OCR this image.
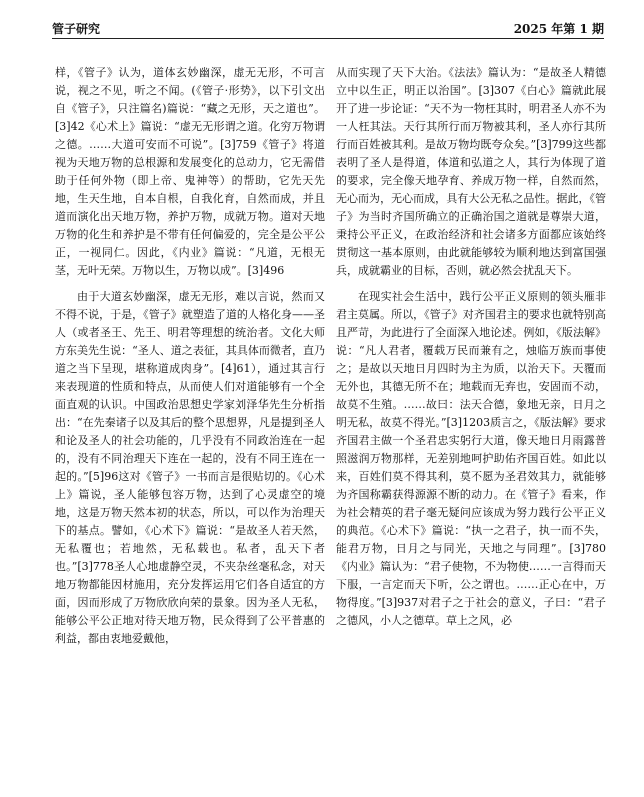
管子研究	2025 年第 1 期

样，《管子》认为，道体玄妙幽深，虚无无形，不可言说，视之不见，听之不闻。(《管子·形势》，以下引文出自《管子》，只注篇名)篇说：“藏之无形，天之道也”。[3]42《心术上》篇说：“虚无无形谓之道。化穷万物谓之德。……大道可安而不可说”。[3]759《管子》将道视为天地万物的总根源和发展变化的总动力，它无需借助于任何外物（即上帝、鬼神等）的帮助，它先天先地，生天生地，自本自根，自我化育，自然而成，并且道而演化出天地万物，养护万物，成就万物。道对天地万物的化生和养护是不带有任何偏爱的，完全是公平公正，一视同仁。因此，《内业》篇说：“凡道，无根无茎，无叶无荣。万物以生，万物以成”。[3]496

由于大道玄妙幽深，虚无无形，难以言说，然而又不得不说，于是，《管子》就塑造了道的人格化身——圣人（或者圣王、先王、明君等理想的统治者。文化大师方东美先生说：“圣人、道之表征，其具体而微者，直乃道之当下呈现，堪称道成肉身”。[4]61），通过其言行来表现道的性质和特点，从而使人们对道能够有一个全面直观的认识。中国政治思想史学家刘泽华先生分析指出：“在先秦诸子以及其后的整个思想界，凡是提到圣人和论及圣人的社会功能的，几乎没有不同政治连在一起的，没有不同治理天下连在一起的，没有不同王连在一起的。”[5]96这对《管子》一书而言是很贴切的。《心术上》篇说，圣人能够包容万物，达到了心灵虚空的境地，这是万物天然本初的状态，所以，可以作为治理天下的基点。譬如，《心术下》篇说：“是故圣人若天然，无私覆也；若地然，无私载也。私者，乱天下者也。”[3]778圣人心地虚静空灵，不夹杂丝毫私念，对天地万物都能因材施用，充分发挥运用它们各自适宜的方面，因而形成了万物欣欣向荣的景象。因为圣人无私，能够公平公正地对待天地万物，民众得到了公平普惠的利益，都由衷地爱戴他，

从而实现了天下大治。《法法》篇认为：“是故圣人精德立中以生正，明正以治国”。[3]307《白心》篇就此展开了进一步论证：“天不为一物枉其时，明君圣人亦不为一人枉其法。天行其所行而万物被其利，圣人亦行其所行而百姓被其利。是故万物均既夸众矣。”[3]799这些都表明了圣人是得道，体道和弘道之人，其行为体现了道的要求，完全像天地孕育、养成万物一样，自然而然，无心而为，无心而成，具有大公无私之品性。据此，《管子》为当时齐国所确立的正确治国之道就是尊崇大道，秉持公平正义，在政治经济和社会诸多方面都应该始终贯彻这一基本原则，由此就能够较为顺利地达到富国强兵，成就霸业的目标，否则，就必然会扰乱天下。

在现实社会生活中，践行公平正义原则的领头雁非君主莫属。所以，《管子》对齐国君主的要求也就特别高且严苛，为此进行了全面深入地论述。例如，《版法解》说：“凡人君者，覆载万民而兼有之，烛临万族而事使之；是故以天地日月四时为主为质，以治天下。天覆而无外也，其德无所不在；地载而无弃也，安固而不动，故莫不生殖。……故曰：法天合德，象地无亲，日月之明无私，故莫不得光。”[3]1203质言之，《版法解》要求齐国君主做一个圣君忠实躬行大道，像天地日月雨露普照滋润万物那样，无差别地呵护助佑齐国百姓。如此以来，百姓们莫不得其利，莫不愿为圣君效其力，就能够为齐国称霸获得源源不断的动力。在《管子》看来，作为社会精英的君子毫无疑问应该成为努力践行公平正义的典范。《心术下》篇说：“执一之君子，执一而不失，能君万物，日月之与同光，天地之与同理”。[3]780《内业》篇认为：“君子使物，不为物使……一言得而天下服，一言定而天下听，公之谓也。……正心在中，万物得度。”[3]937对君子之于社会的意义，子曰：“君子之德风，小人之德草。草上之风，必
